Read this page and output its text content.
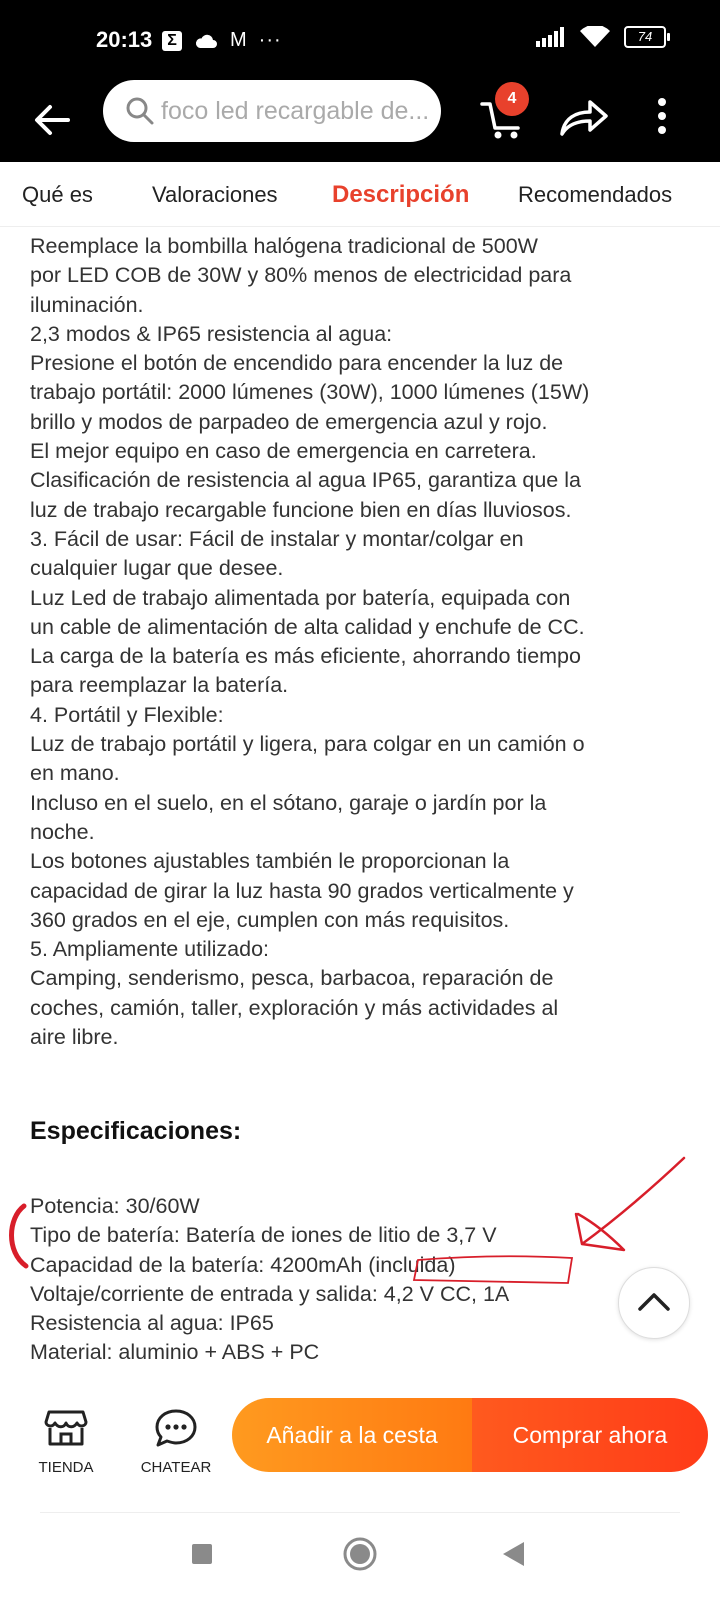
20:13 Σ	M ···	74
foco led recargable de...	4
Qué es	Valoraciones Descripción Recomendados
Reemplace la bombilla halógena tradicional de 500W
por LED COB de 30W y 80% menos de electricidad para
iluminación.
2,3 modos & IP65 resistencia al agua:
Presione el botón de encendido para encender la luz de
trabajo portátil: 2000 lúmenes (30W), 1000 lúmenes (15W)
brillo y modos de parpadeo de emergencia azul y rojo.
El mejor equipo en caso de emergencia en carretera.
Clasificación de resistencia al agua IP65, garantiza que la
luz de trabajo recargable funcione bien en días lluviosos.
3. Fácil de usar: Fácil de instalar y montar/colgar en
cualquier lugar que desee.
Luz Led de trabajo alimentada por batería, equipada con
un cable de alimentación de alta calidad y enchufe de CC.
La carga de la batería es más eficiente, ahorrando tiempo
para reemplazar la batería.
4. Portátil y Flexible:
Luz de trabajo portátil y ligera, para colgar en un camión o
en mano.
Incluso en el suelo, en el sótano, garaje o jardín por la
noche.
Los botones ajustables también le proporcionan la
capacidad de girar la luz hasta 90 grados verticalmente y
360 grados en el eje, cumplen con más requisitos.
5. Ampliamente utilizado:
Camping, senderismo, pesca, barbacoa, reparación de
coches, camión, taller, exploración y más actividades al
aire libre.
Especificaciones:
Potencia: 30/60W
Tipo de batería: Batería de iones de litio de 3,7 V
Capacidad de la batería: 4200mAh (incluida)
Voltaje/corriente de entrada y salida: 4,2 V CC, 1A
Resistencia al agua: IP65
Material: aluminio + ABS + PC
TIENDA	CHATEAR
Añadir a la cesta	Comprar ahora
